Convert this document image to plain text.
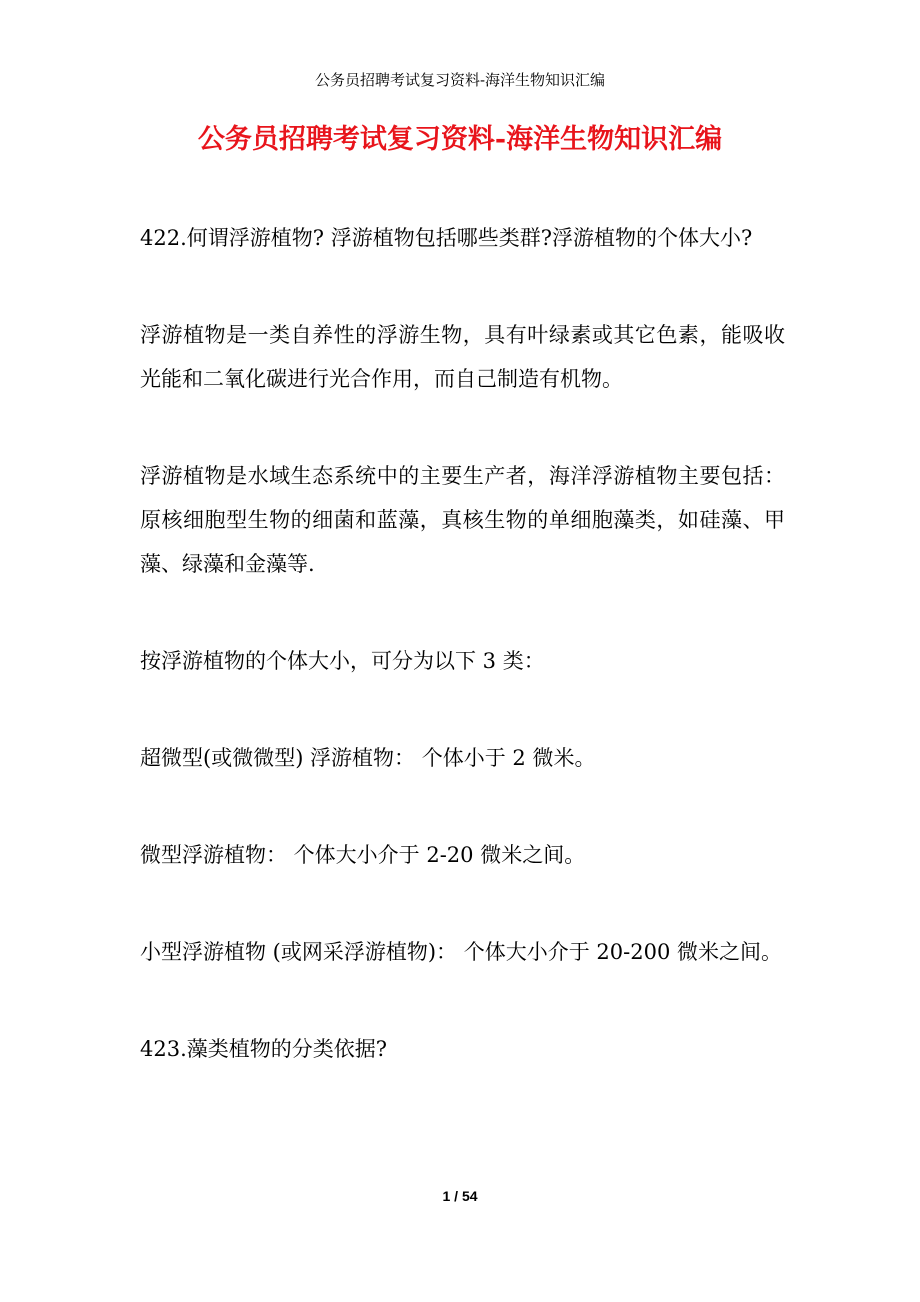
公务员招聘考试复习资料-海洋生物知识汇编
公务员招聘考试复习资料-海洋生物知识汇编

422.何谓浮游植物? 浮游植物包括哪些类群?浮游植物的个体大小?

浮游植物是一类自养性的浮游生物，具有叶绿素或其它色素，能吸收光能和二氧化碳进行光合作用，而自己制造有机物。

浮游植物是水域生态系统中的主要生产者，海洋浮游植物主要包括： 原核细胞型生物的细菌和蓝藻，真核生物的单细胞藻类，如硅藻、甲藻、绿藻和金藻等.

按浮游植物的个体大小，可分为以下 3 类：

超微型(或微微型) 浮游植物： 个体小于 2 微米。

微型浮游植物： 个体大小介于 2-20 微米之间。

小型浮游植物 (或网采浮游植物)： 个体大小介于 20-200 微米之间。

423.藻类植物的分类依据?

1 / 54
